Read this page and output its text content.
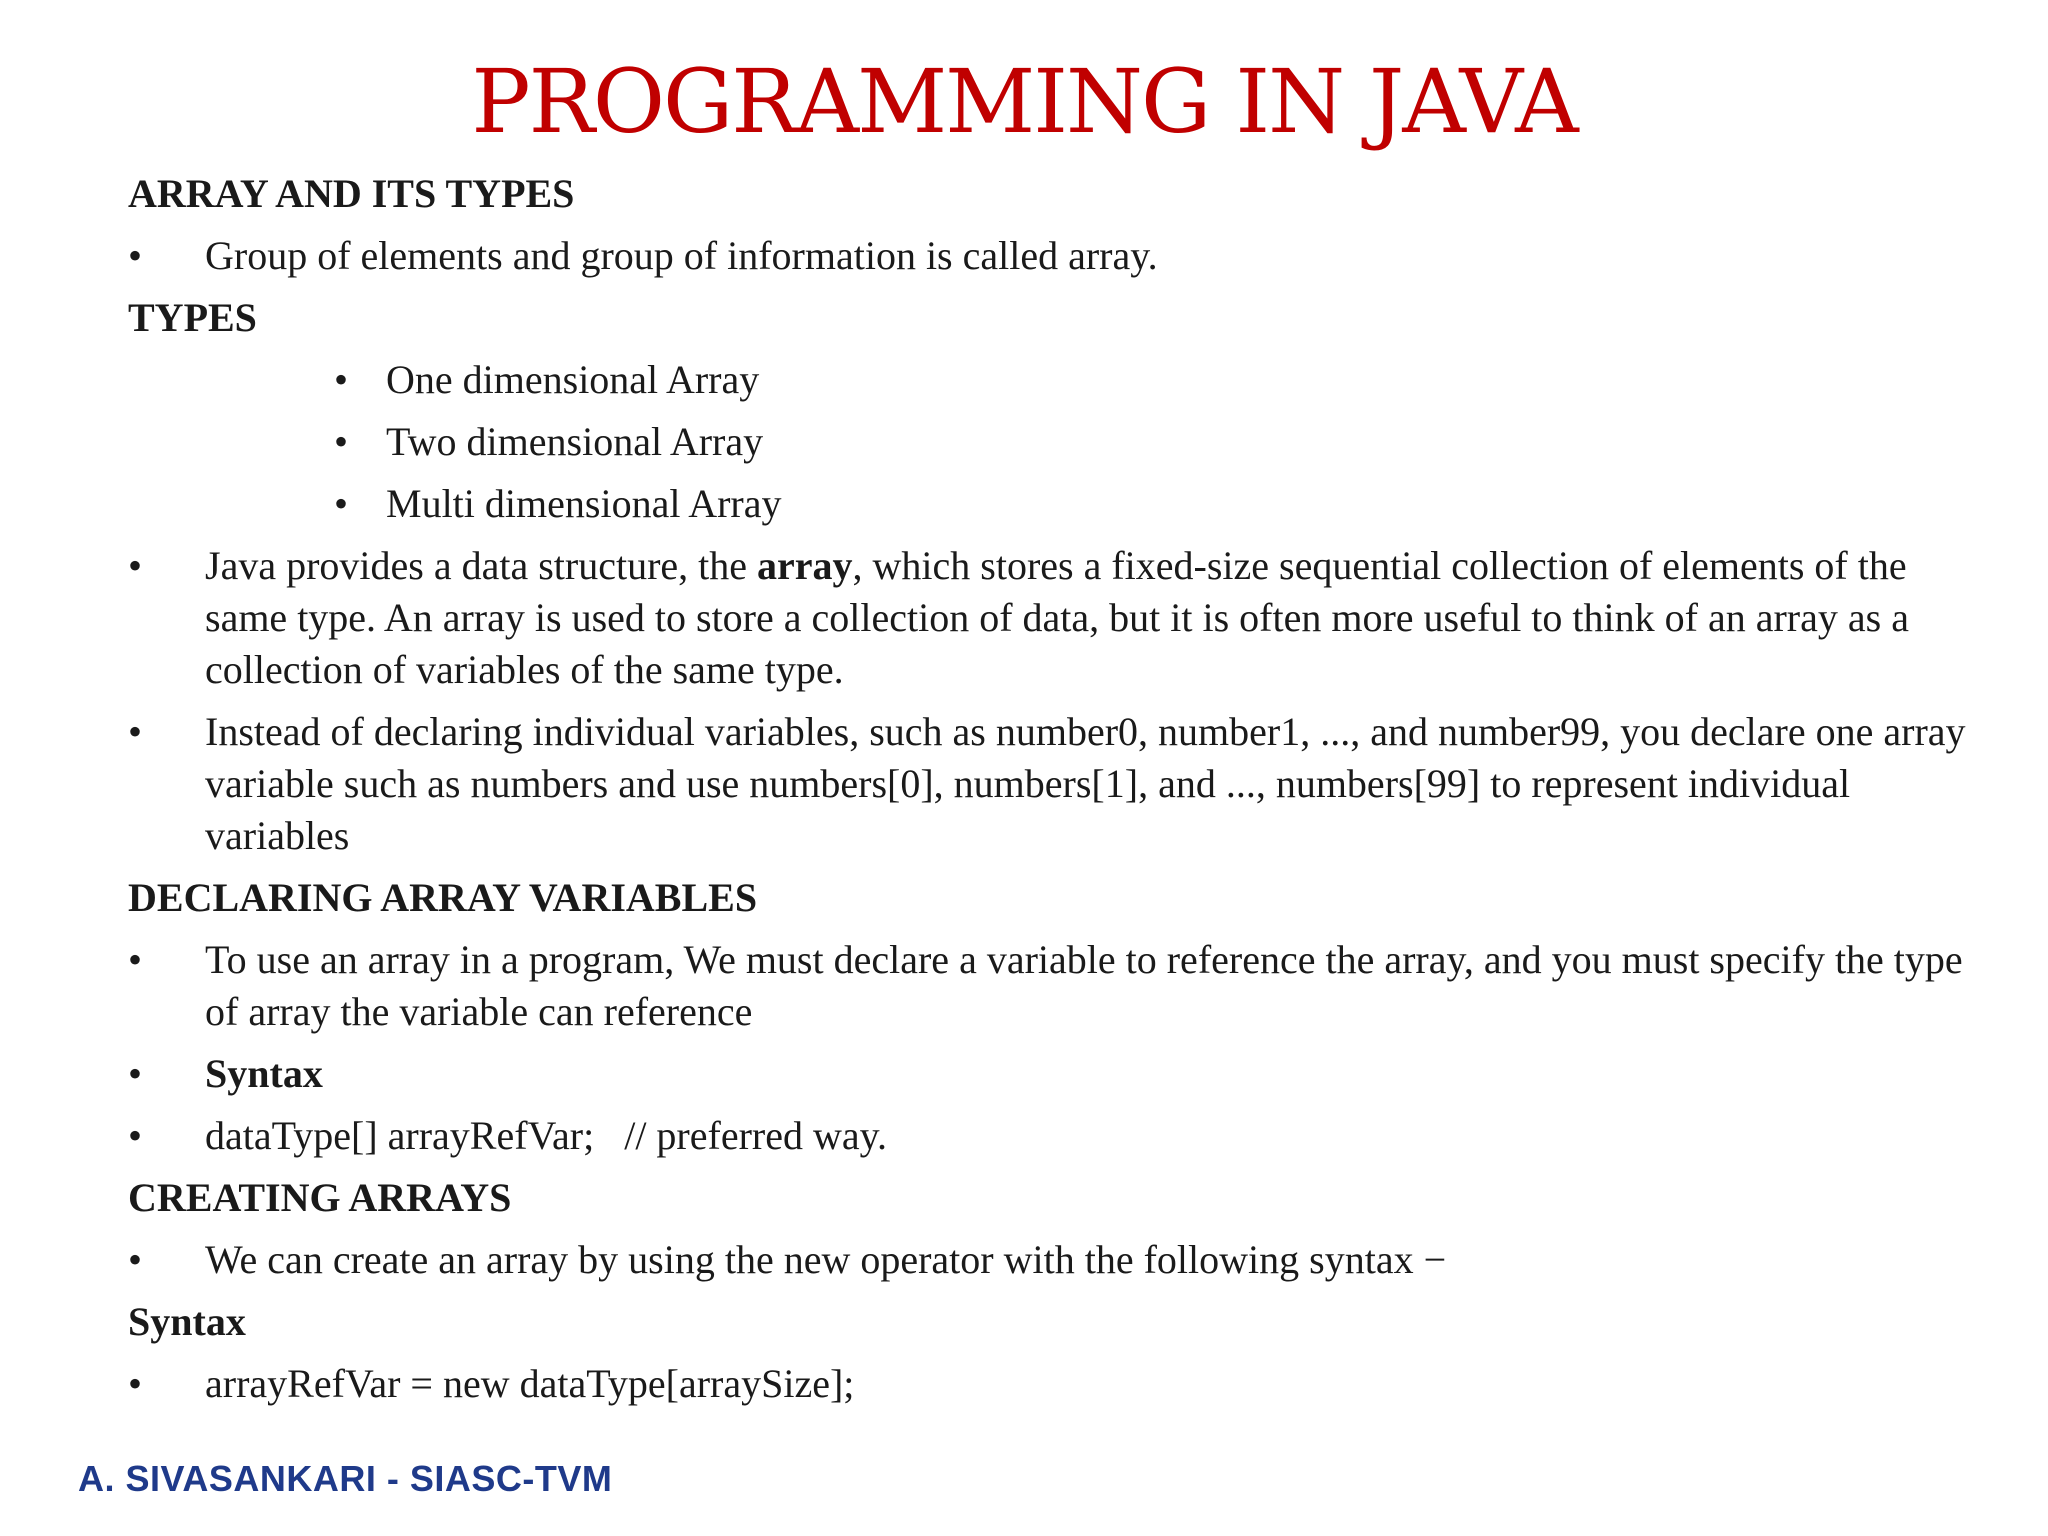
PROGRAMMING IN JAVA

ARRAY AND ITS TYPES

•	Group of elements and group of information is called array.

TYPES

• One dimensional Array
• Two dimensional Array
• Multi dimensional Array
•	Java provides a data structure, the array, which stores a fixed-size sequential collection of elements of the same type. An array is used to store a collection of data, but it is often more useful to think of an array as a collection of variables of the same type.
•	Instead of declaring individual variables, such as number0, number1, ..., and number99, you declare one array variable such as numbers and use numbers[0], numbers[1], and ..., numbers[99] to represent individual variables

DECLARING ARRAY VARIABLES

•	To use an array in a program, We must declare a variable to reference the array, and you must specify the type of array the variable can reference
•	Syntax
•	dataType[] arrayRefVar;   // preferred way.

CREATING ARRAYS

•	We can create an array by using the new operator with the following syntax −

Syntax

•	arrayRefVar = new dataType[arraySize];
A. SIVASANKARI - SIASC-TVM
